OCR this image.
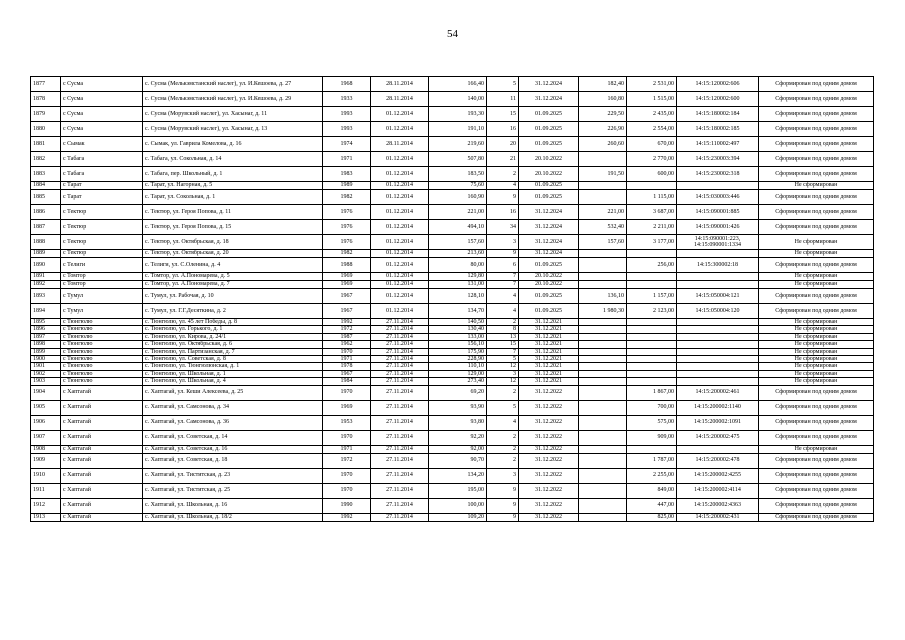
54
1877	с Сусма	с. Сусма (Мелькэмстанский наслег), ул. И.Кешоева, д. 27	1968	28.11.2014	166,40	5	31.12.2024	182,40	2 531,00	14:15:120002:606	Сформирован под одним домом
1878	с Сусма	с. Сусма (Мелькэмстанский наслег), ул. И.Кешоева, д. 29	1933	28.11.2014	140,00	11	31.12.2024	160,80	1 515,00	14:15:120002:600	Сформирован под одним домом
1879	с Сусма	с. Сусма (Морувский наслег), ул. Хасынаг, д. 11	1993	01.12.2014	193,30	15	01.09.2025	229,50	2 435,00	14:15:180002:184	Сформирован под одним домом
1880	с Сусма	с. Сусма (Морувский наслег), ул. Хасынаг, д. 13	1993	01.12.2014	191,10	16	01.09.2025	226,90	2 554,00	14:15:180002:185	Сформирован под одним домом
1881	с Сымак	с. Сымак, ул. Гаврила Комелова, д. 16	1974	28.11.2014	219,60	20	01.09.2025	260,60	670,00	14:15:110002:497	Сформирован под одним домом
1882	с Табага	с. Табага, ул. Сокольная, д. 14	1971	01.12.2014	507,80	21	20.10.2022		2 770,00	14:15:230003:394	Сформирован под одним домом
1883	с Табага	с. Табага, пер. Школьный, д. 1	1983	01.12.2014	183,50	2	20.10.2022	191,50	600,00	14:15:230002:318	Сформирован под одним домом
1884	с Тарат	с. Тарат, ул. Нагорная, д. 5	1989	01.12.2014	75,60	4	01.09.2025				Не сформирован
1885	с Тарат	с. Тарат, ул. Сокольная, д. 1	1982	01.12.2014	160,90	9	01.09.2025		1 115,00	14:15:030003:446	Сформирован под одним домом
1886	с Тектюр	с. Тектюр, ул. Героя Попова, д. 11	1976	01.12.2014	221,00	16	31.12.2024	221,00	3 687,00	14:15:090001:885	Сформирован под одним домом
1887	с Тектюр	с. Тектюр, ул. Героя Попова, д. 15	1976	01.12.2014	494,10	34	31.12.2024	532,40	2 211,00	14:15:090001:426	Сформирован под одним домом
1888	с Тектюр	с. Тектюр, ул. Октябрьская, д. 18	1976	01.12.2014	157,60	3	31.12.2024	157,60	3 177,00	14:15:090001:223, 14:15:090001:1334	Не сформирован
1889	с Тектюр	с. Тектюр, ул. Октябрьская, д. 20	1982	01.12.2014	213,60	9	31.12.2024				Не сформирован
1890	с Телиги	с. Телиги, ул. С.Оленина, д. 4	1988	01.12.2014	80,00	6	01.09.2025		256,00	14:15:300002:18	Сформирован под одним домом
1891	с Томтор	с. Томтор, ул. А.Пономарева, д. 5	1969	01.12.2014	129,80	7	20.10.2022				Не сформирован
1892	с Томтор	с. Томтор, ул. А.Пономарева, д. 7	1969	01.12.2014	131,00	7	20.10.2022				Не сформирован
1893	с Тумул	с. Тумул, ул. Рабочая, д. 10	1967	01.12.2014	128,10	4	01.09.2025	136,10	1 157,00	14:15:050004:121	Сформирован под одним домом
1894	с Тумул	с. Тумул, ул. Г.Г.Десяткина, д. 2	1967	01.12.2014	134,70	4	01.09.2025	1 980,30	2 123,00	14:15:050004:120	Сформирован под одним домом
1895	с Тюнгюлю	с. Тюнгюлю, ул. 45 лет Победы, д. 8	1992	27.11.2014	140,50	2	31.12.2021				Не сформирован
1896	с Тюнгюлю	с. Тюнгюлю, ул. Горького, д. 1	1972	27.11.2014	130,40	8	31.12.2021				Не сформирован
1897	с Тюнгюлю	с. Тюнгюлю, ул. Кирова, д. 24/1	1987	27.11.2014	133,00	13	31.12.2021				Не сформирован
1898	с Тюнгюлю	с. Тюнгюлю, ул. Октябрьская, д. 6	1962	27.11.2014	156,10	15	31.12.2021				Не сформирован
1899	с Тюнгюлю	с. Тюнгюлю, ул. Партизанская, д. 7	1970	27.11.2014	175,90	7	31.12.2021				Не сформирован
1900	с Тюнгюлю	с. Тюнгюлю, ул. Советская, д. 8	1971	27.11.2014	228,90	5	31.12.2021				Не сформирован
1901	с Тюнгюлю	с. Тюнгюлю, ул. Тюнгюлюнская, д. 1	1978	27.11.2014	110,10	12	31.12.2021				Не сформирован
1902	с Тюнгюлю	с. Тюнгюлю, ул. Школьная, д. 1	1967	27.11.2014	129,00	3	31.12.2021				Не сформирован
1903	с Тюнгюлю	с. Тюнгюлю, ул. Школьная, д. 4	1984	27.11.2014	273,40	12	31.12.2021				Не сформирован
1904	с Хаптагай	с. Хаптагай, ул. Кеши Алексеева, д. 25	1970	27.11.2014	69,20	2	31.12.2022		1 867,00	14:15:200002:461	Сформирован под одним домом
1905	с Хаптагай	с. Хаптагай, ул. Самсонова, д. 34	1969	27.11.2014	93,90	5	31.12.2022		700,00	14:15:200002:1140	Сформирован под одним домом
1906	с Хаптагай	с. Хаптагай, ул. Самсонова, д. 36	1953	27.11.2014	93,80	4	31.12.2022		575,00	14:15:200002:1091	Сформирован под одним домом
1907	с Хаптагай	с. Хаптагай, ул. Советская, д. 14	1970	27.11.2014	92,20	2	31.12.2022		909,00	14:15:200002:475	Сформирован под одним домом
1908	с Хаптагай	с. Хаптагай, ул. Советская, д. 16	1971	27.11.2014	92,00	2	31.12.2022				Не сформирован
1909	с Хаптагай	с. Хаптагай, ул. Советская, д. 18	1972	27.11.2014	90,70	2	31.12.2022		1 787,00	14:15:200002:478	Сформирован под одним домом
1910	с Хаптагай	с. Хаптагай, ул. Тиститская, д. 23	1970	27.11.2014	134,20	3	31.12.2022		2 255,00	14:15:200002:4255	Сформирован под одним домом
1911	с Хаптагай	с. Хаптагай, ул. Тиститская, д. 25	1970	27.11.2014	195,00	9	31.12.2022		849,00	14:15:200002:4114	Сформирован под одним домом
1912	с Хаптагай	с. Хаптагай, ул. Школьная, д. 16	1990	27.11.2014	100,00	9	31.12.2022		447,00	14:15:200002:4363	Сформирован под одним домом
1913	с Хаптагай	с. Хаптагай, ул. Школьная, д. 18/2	1992	27.11.2014	109,20	9	31.12.2022		825,00	14:15:200002:431	Сформирован под одним домом
